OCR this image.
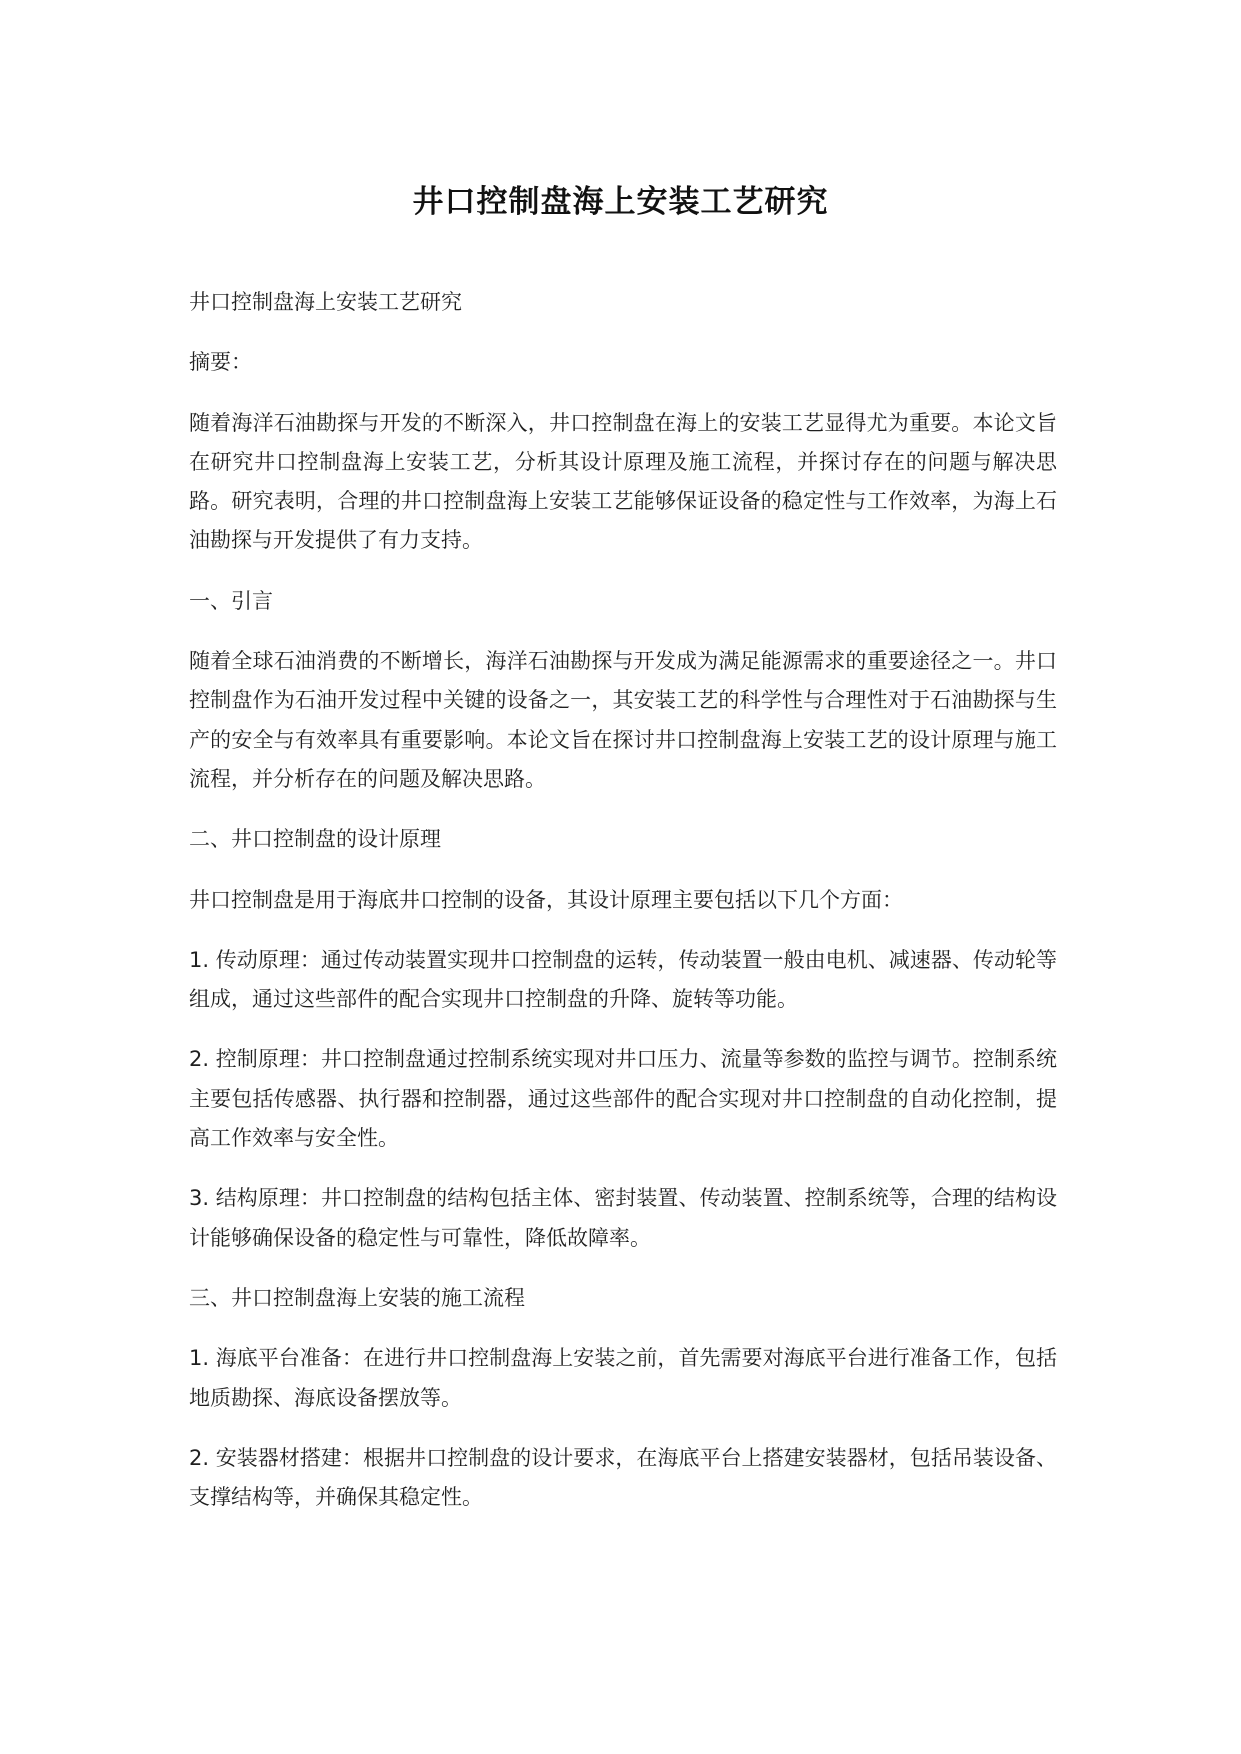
井口控制盘海上安装工艺研究

井口控制盘海上安装工艺研究

摘要：

随着海洋石油勘探与开发的不断深入，井口控制盘在海上的安装工艺显得尤为重要。本论文旨在研究井口控制盘海上安装工艺，分析其设计原理及施工流程，并探讨存在的问题与解决思路。研究表明，合理的井口控制盘海上安装工艺能够保证设备的稳定性与工作效率，为海上石油勘探与开发提供了有力支持。

一、引言

随着全球石油消费的不断增长，海洋石油勘探与开发成为满足能源需求的重要途径之一。井口控制盘作为石油开发过程中关键的设备之一，其安装工艺的科学性与合理性对于石油勘探与生产的安全与有效率具有重要影响。本论文旨在探讨井口控制盘海上安装工艺的设计原理与施工流程，并分析存在的问题及解决思路。

二、井口控制盘的设计原理

井口控制盘是用于海底井口控制的设备，其设计原理主要包括以下几个方面：

1. 传动原理：通过传动装置实现井口控制盘的运转，传动装置一般由电机、减速器、传动轮等组成，通过这些部件的配合实现井口控制盘的升降、旋转等功能。

2. 控制原理：井口控制盘通过控制系统实现对井口压力、流量等参数的监控与调节。控制系统主要包括传感器、执行器和控制器，通过这些部件的配合实现对井口控制盘的自动化控制，提高工作效率与安全性。

3. 结构原理：井口控制盘的结构包括主体、密封装置、传动装置、控制系统等，合理的结构设计能够确保设备的稳定性与可靠性，降低故障率。

三、井口控制盘海上安装的施工流程

1. 海底平台准备：在进行井口控制盘海上安装之前，首先需要对海底平台进行准备工作，包括地质勘探、海底设备摆放等。

2. 安装器材搭建：根据井口控制盘的设计要求，在海底平台上搭建安装器材，包括吊装设备、支撑结构等，并确保其稳定性。
